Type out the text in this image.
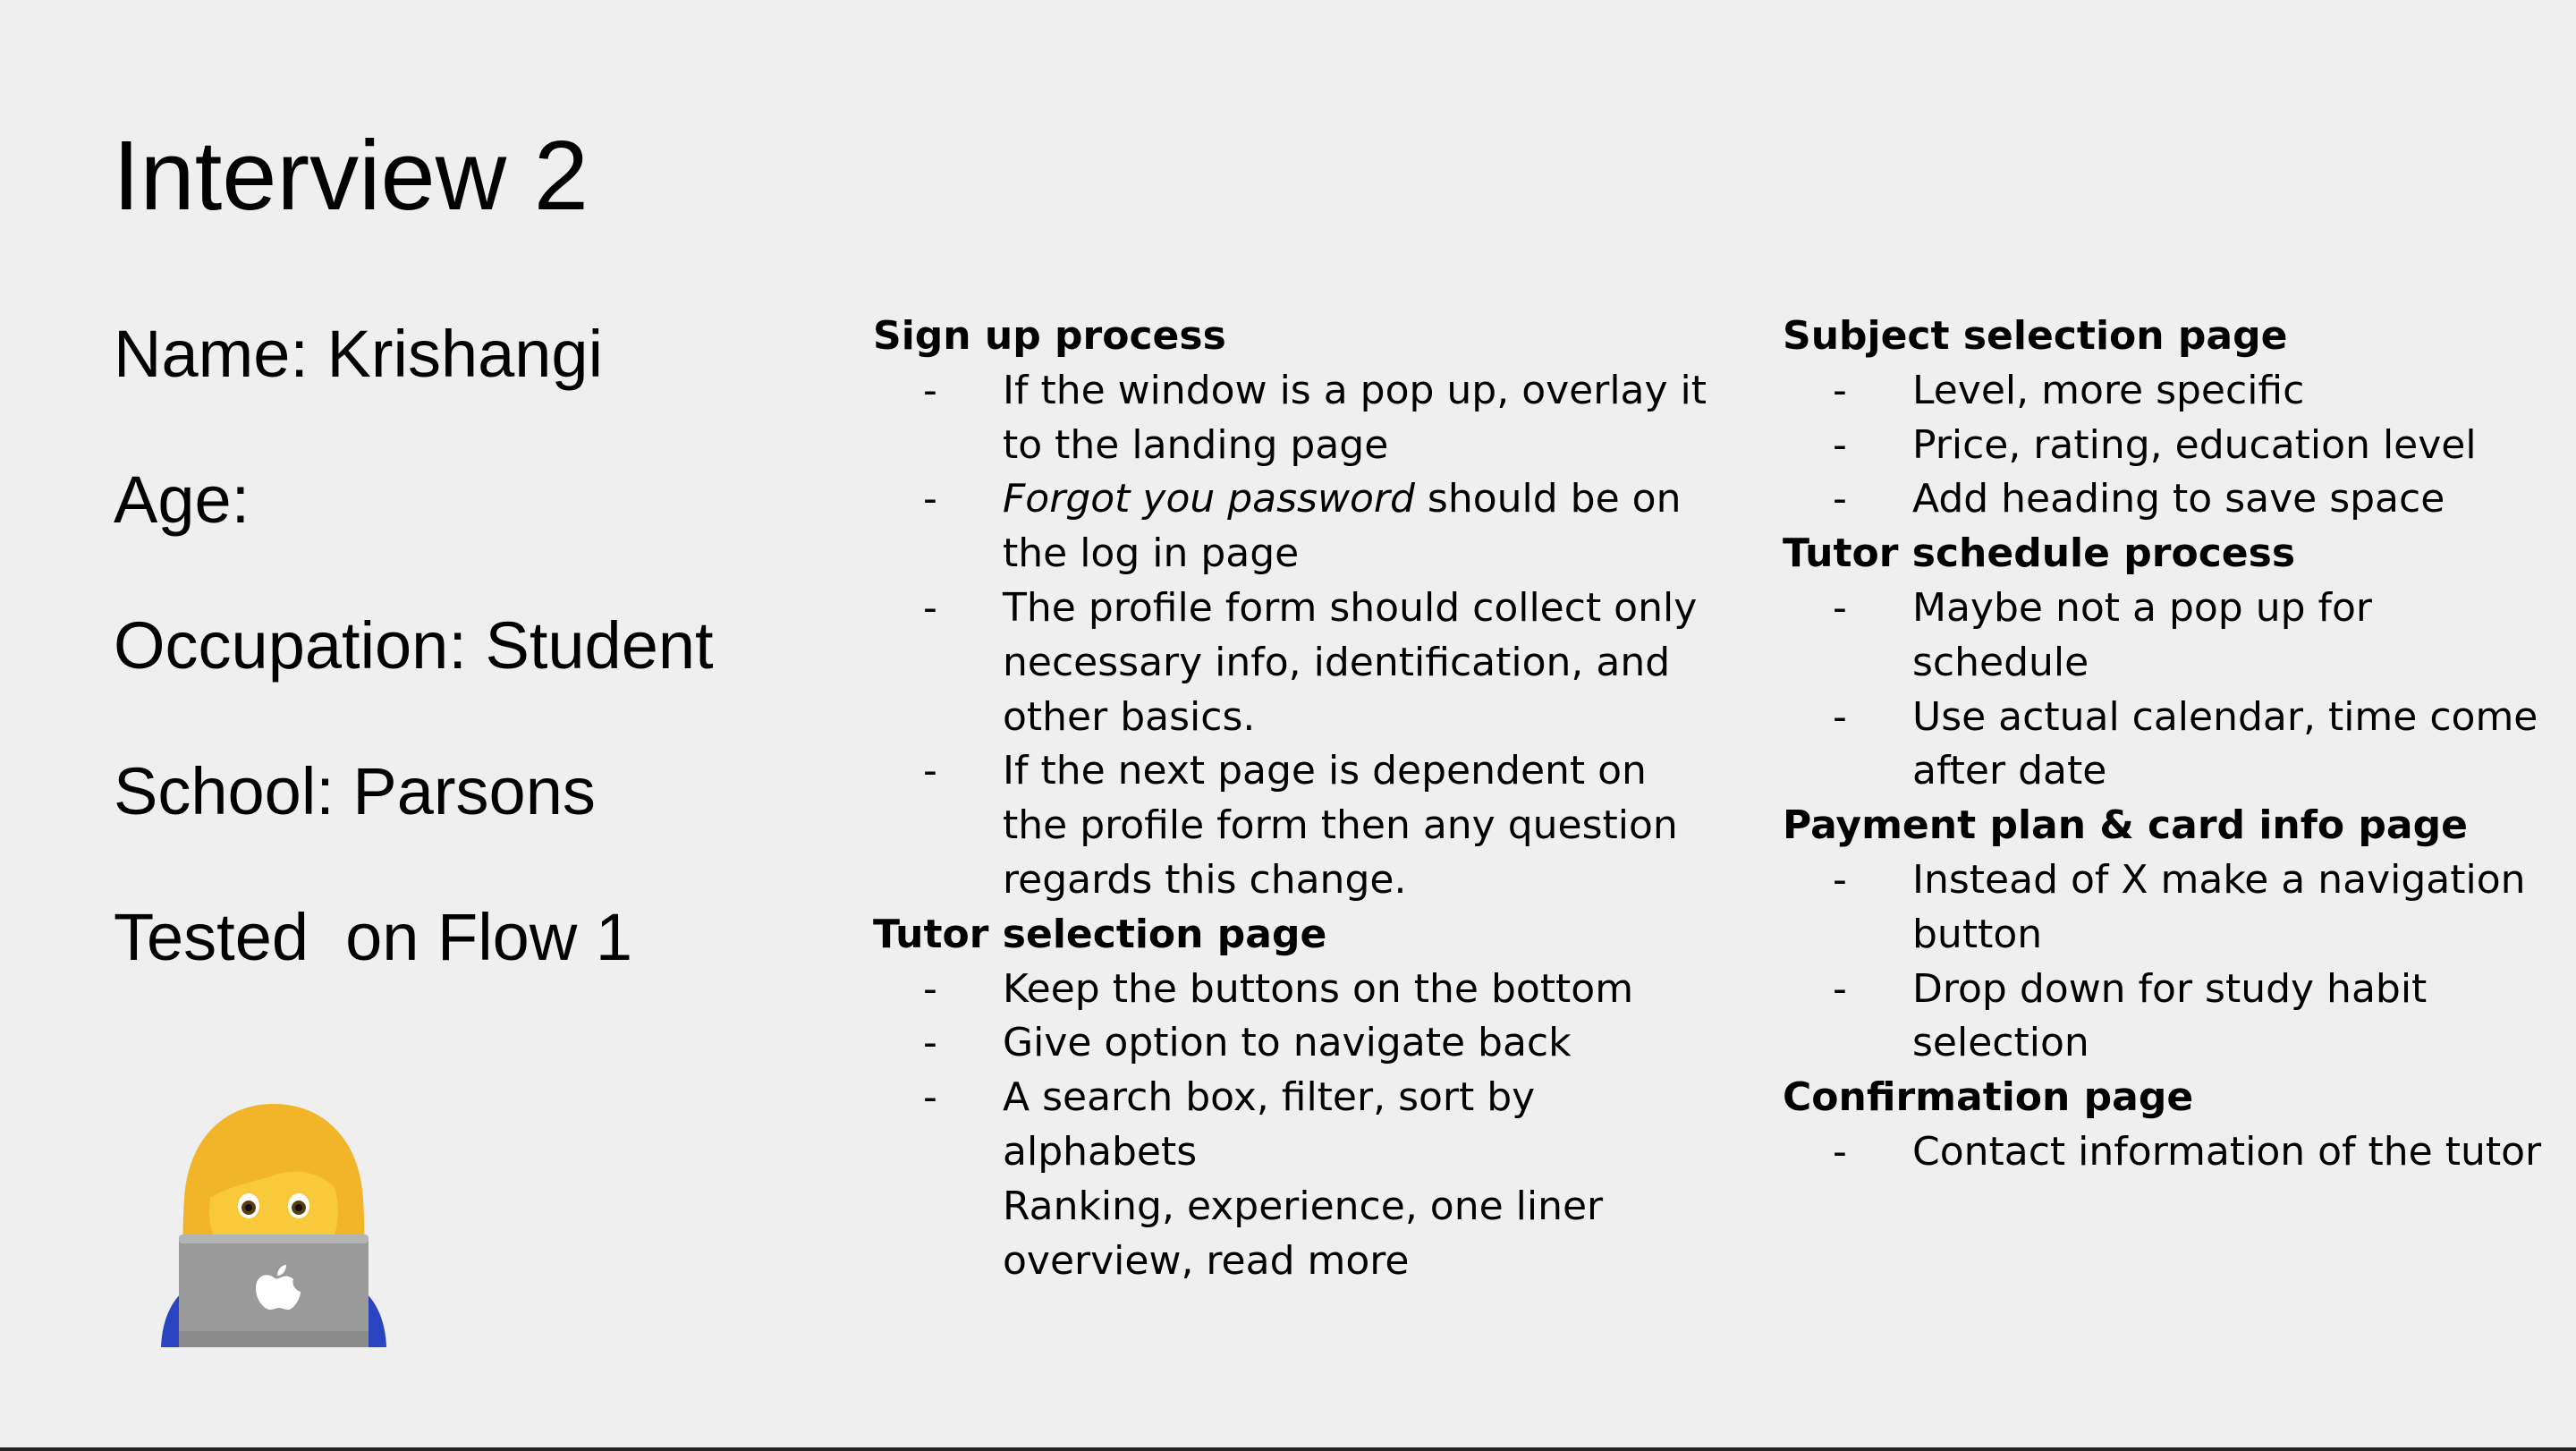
Interview 2
Name: Krishangi
Age:
Occupation: Student
School: Parsons
Tested  on Flow 1
Sign up process
- If the window is a pop up, overlay it to the landing page
- Forgot you password should be on the log in page
- The profile form should collect only necessary info, identification, and other basics.
- If the next page is dependent on the profile form then any question regards this change.
Tutor selection page
- Keep the buttons on the bottom
- Give option to navigate back
- A search box, filter, sort by alphabets
Ranking, experience, one liner overview, read more
Subject selection page
- Level, more specific
- Price, rating, education level
- Add heading to save space
Tutor schedule process
- Maybe not a pop up for schedule
- Use actual calendar, time come after date
Payment plan & card info page
- Instead of X make a navigation button
- Drop down for study habit selection
Confirmation page
- Contact information of the tutor
